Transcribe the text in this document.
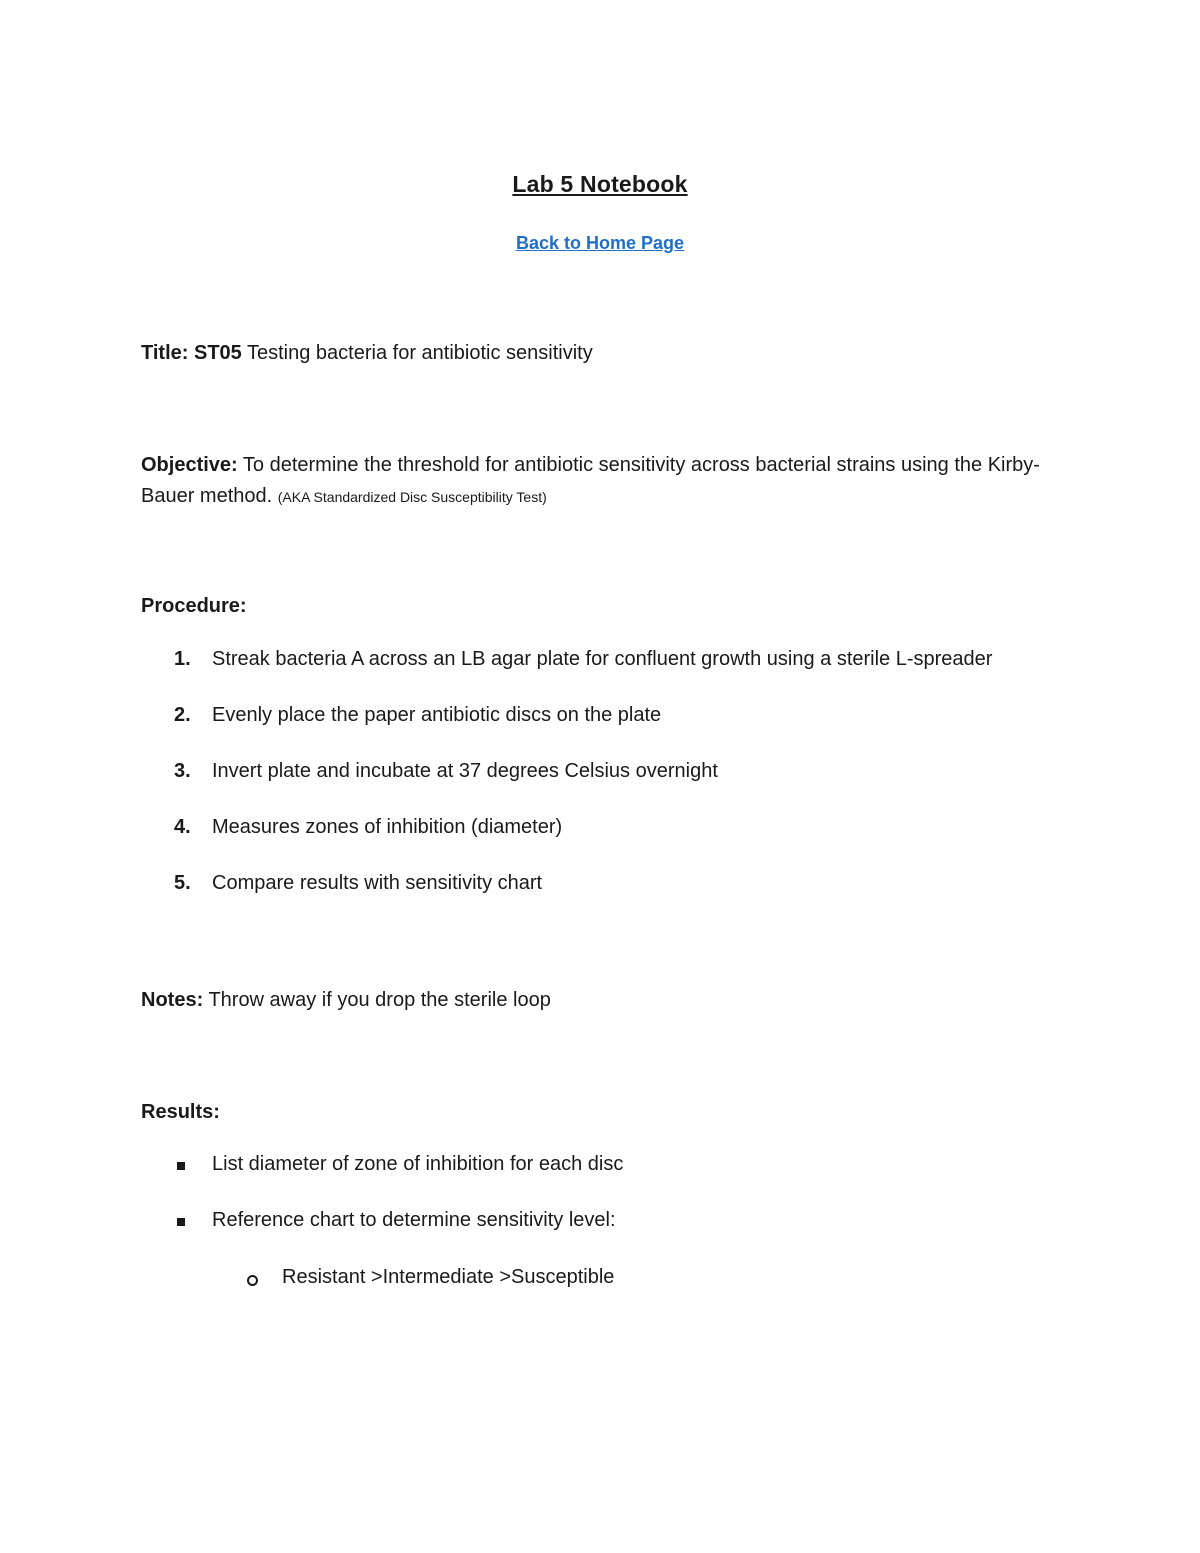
Lab 5 Notebook
Back to Home Page
Title: ST05 Testing bacteria for antibiotic sensitivity
Objective: To determine the threshold for antibiotic sensitivity across bacterial strains using the Kirby-Bauer method. (AKA Standardized Disc Susceptibility Test)
Procedure:
1. Streak bacteria A across an LB agar plate for confluent growth using a sterile L-spreader
2. Evenly place the paper antibiotic discs on the plate
3. Invert plate and incubate at 37 degrees Celsius overnight
4. Measures zones of inhibition (diameter)
5. Compare results with sensitivity chart
Notes: Throw away if you drop the sterile loop
Results:
List diameter of zone of inhibition for each disc
Reference chart to determine sensitivity level:
Resistant >Intermediate >Susceptible
